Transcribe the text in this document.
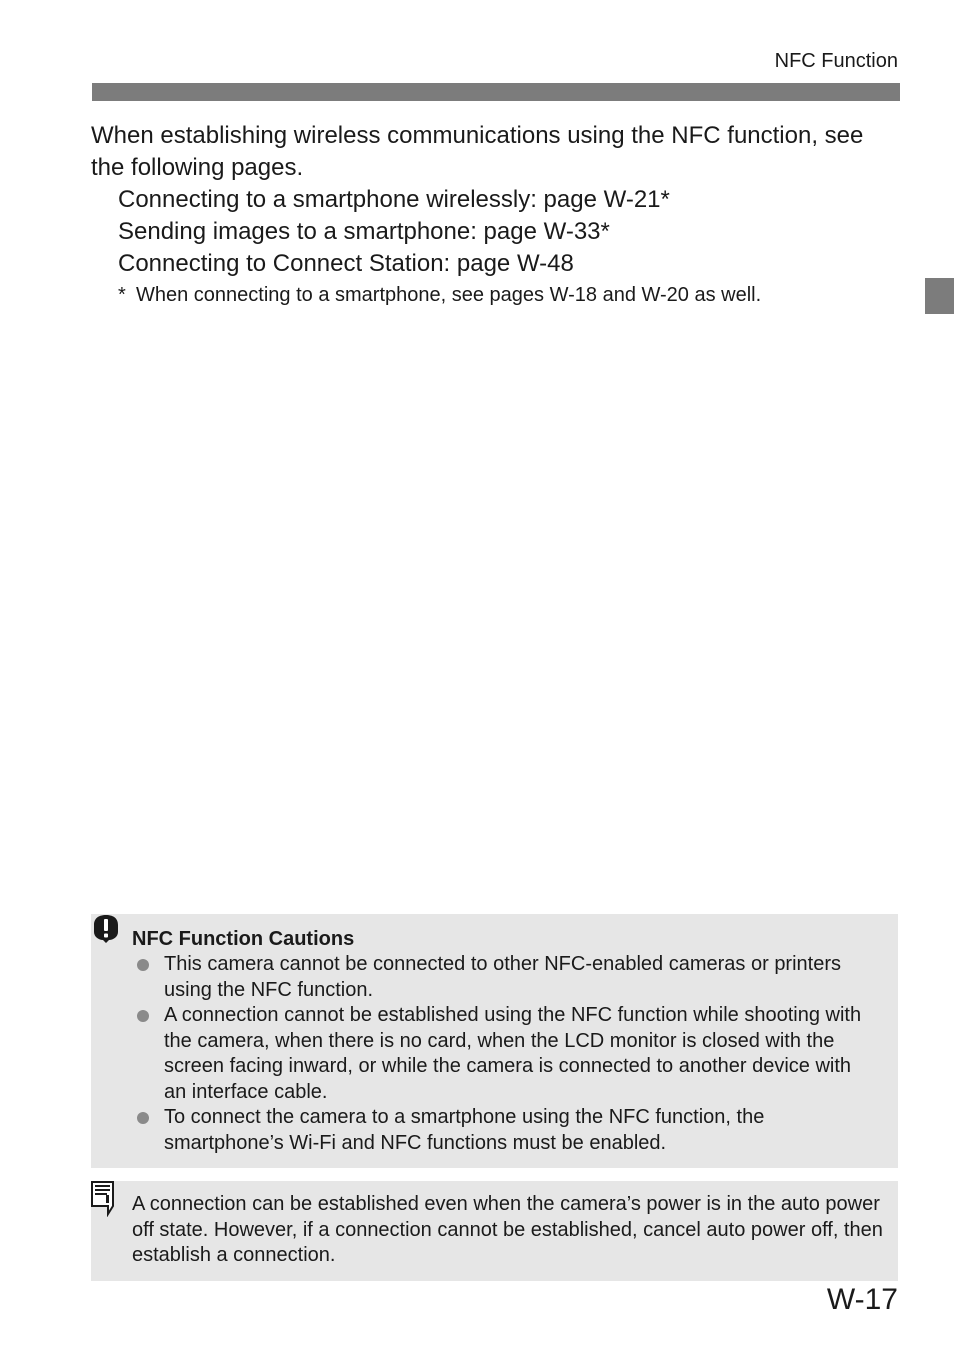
NFC Function

When establishing wireless communications using the NFC function, see the following pages.

Connecting to a smartphone wirelessly: page W-21*
Sending images to a smartphone: page W-33*
Connecting to Connect Station: page W-48
* When connecting to a smartphone, see pages W-18 and W-20 as well.
NFC Function Cautions
This camera cannot be connected to other NFC-enabled cameras or printers using the NFC function.
A connection cannot be established using the NFC function while shooting with the camera, when there is no card, when the LCD monitor is closed with the screen facing inward, or while the camera is connected to another device with an interface cable.
To connect the camera to a smartphone using the NFC function, the smartphone’s Wi-Fi and NFC functions must be enabled.
A connection can be established even when the camera’s power is in the auto power off state. However, if a connection cannot be established, cancel auto power off, then establish a connection.
W-17
